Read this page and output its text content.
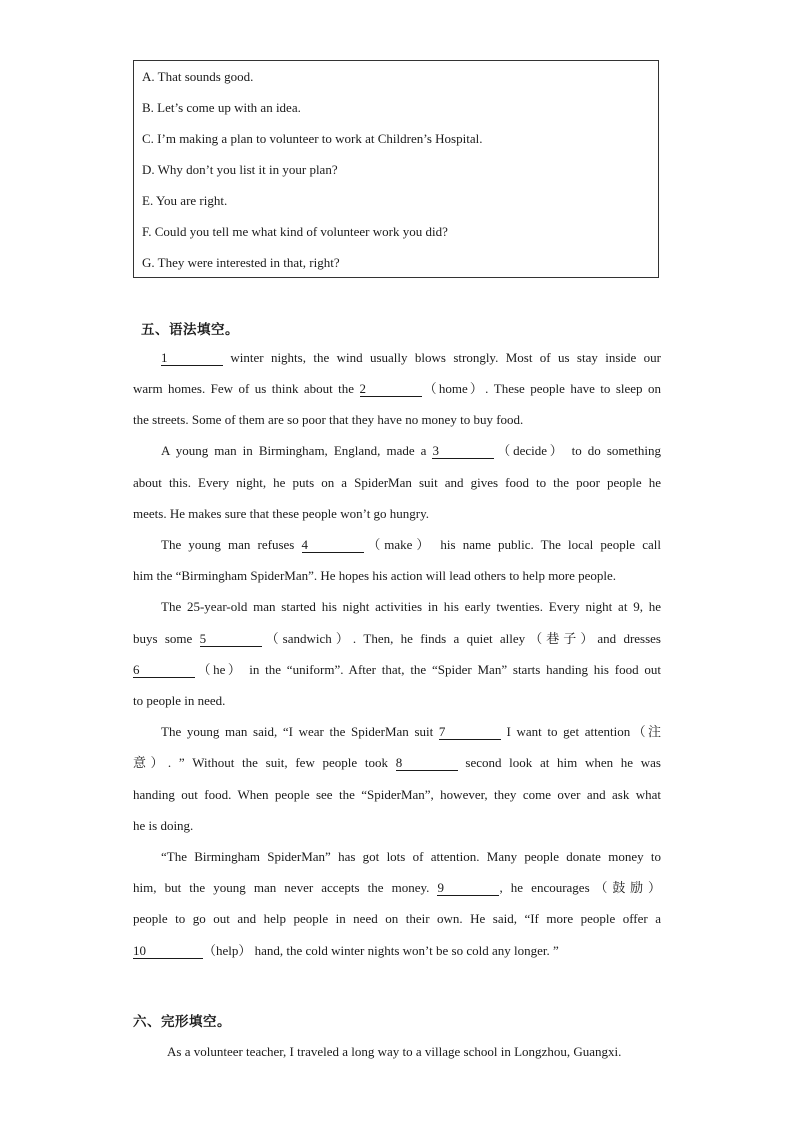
A. That sounds good.
B. Let’s come up with an idea.
C. I’m making a plan to volunteer to work at Children’s Hospital.
D. Why don’t you list it in your plan?
E. You are right.
F. Could you tell me what kind of volunteer work you did?
G. They were interested in that, right?
五、语法填空。
1	winter nights, the wind usually blows strongly. Most of us stay inside our
warm homes. Few of us think about the 2	（home）. These people have to sleep on
the streets. Some of them are so poor that they have no money to buy food.
A young man in Birmingham, England, made a 3	（decide） to do something
about this. Every night, he puts on a SpiderMan suit and gives food to the poor people he
meets. He makes sure that these people won’t go hungry.
The young man refuses 4	（make） his name public. The local people call
him the “Birmingham SpiderMan”. He hopes his action will lead others to help more people.
The 25-year-old man started his night activities in his early twenties. Every night at 9, he
buys some 5	（sandwich）. Then, he finds a quiet alley（巷子）and dresses
6	（he） in the “uniform”. After that, the “Spider Man” starts handing his food out
to people in need.
The young man said, “I wear the SpiderMan suit 7	I want to get attention（注
意）. ” Without the suit, few people took 8	second look at him when he was
handing out food. When people see the “SpiderMan”, however, they come over and ask what
he is doing.
“The Birmingham SpiderMan” has got lots of attention. Many people donate money to
him, but the young man never accepts the money. 9	, he encourages（鼓励）
people to go out and help people in need on their own. He said, “If more people offer a
10	（help） hand, the cold winter nights won’t be so cold any longer. ”
六、完形填空。
As a volunteer teacher, I traveled a long way to a village school in Longzhou, Guangxi.
